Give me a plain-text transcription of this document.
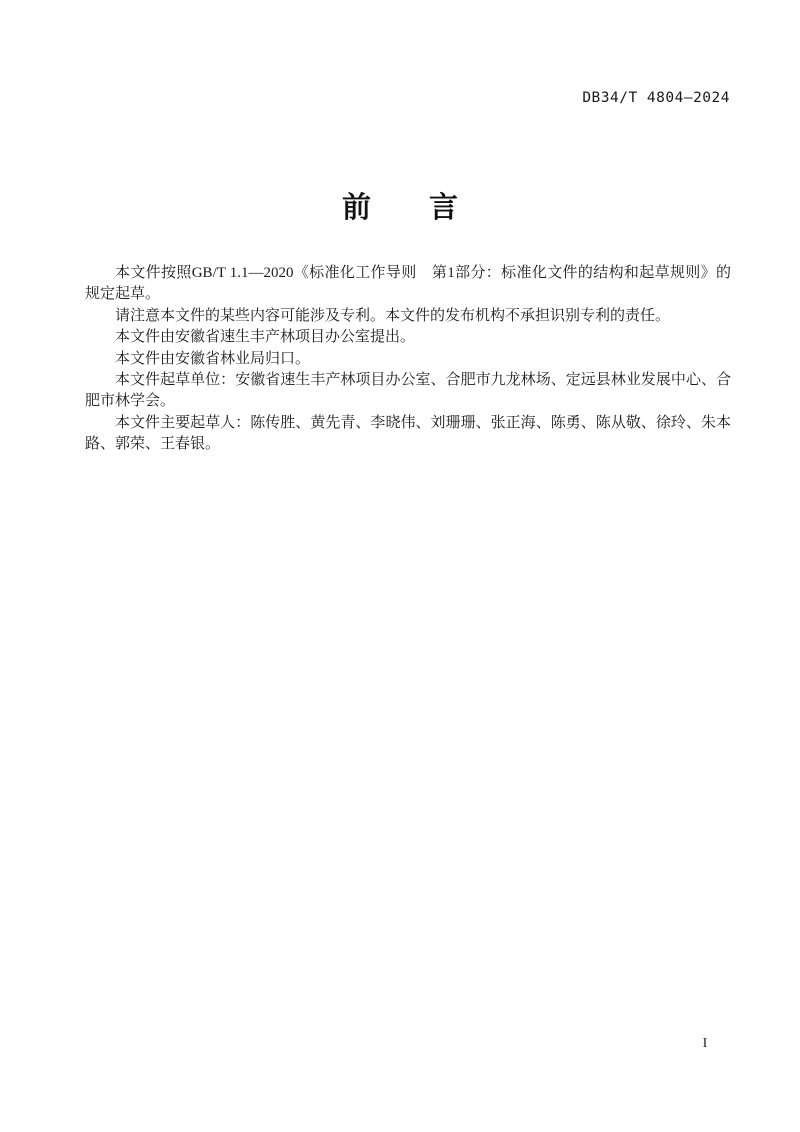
DB34/T 4804—2024
前　　言

本文件按照GB/T 1.1—2020《标准化工作导则　第1部分：标准化文件的结构和起草规则》的规定起草。

请注意本文件的某些内容可能涉及专利。本文件的发布机构不承担识别专利的责任。

本文件由安徽省速生丰产林项目办公室提出。

本文件由安徽省林业局归口。

本文件起草单位：安徽省速生丰产林项目办公室、合肥市九龙林场、定远县林业发展中心、合肥市林学会。

本文件主要起草人：陈传胜、黄先青、李晓伟、刘珊珊、张正海、陈勇、陈从敬、徐玲、朱本路、郭荣、王春银。

I
